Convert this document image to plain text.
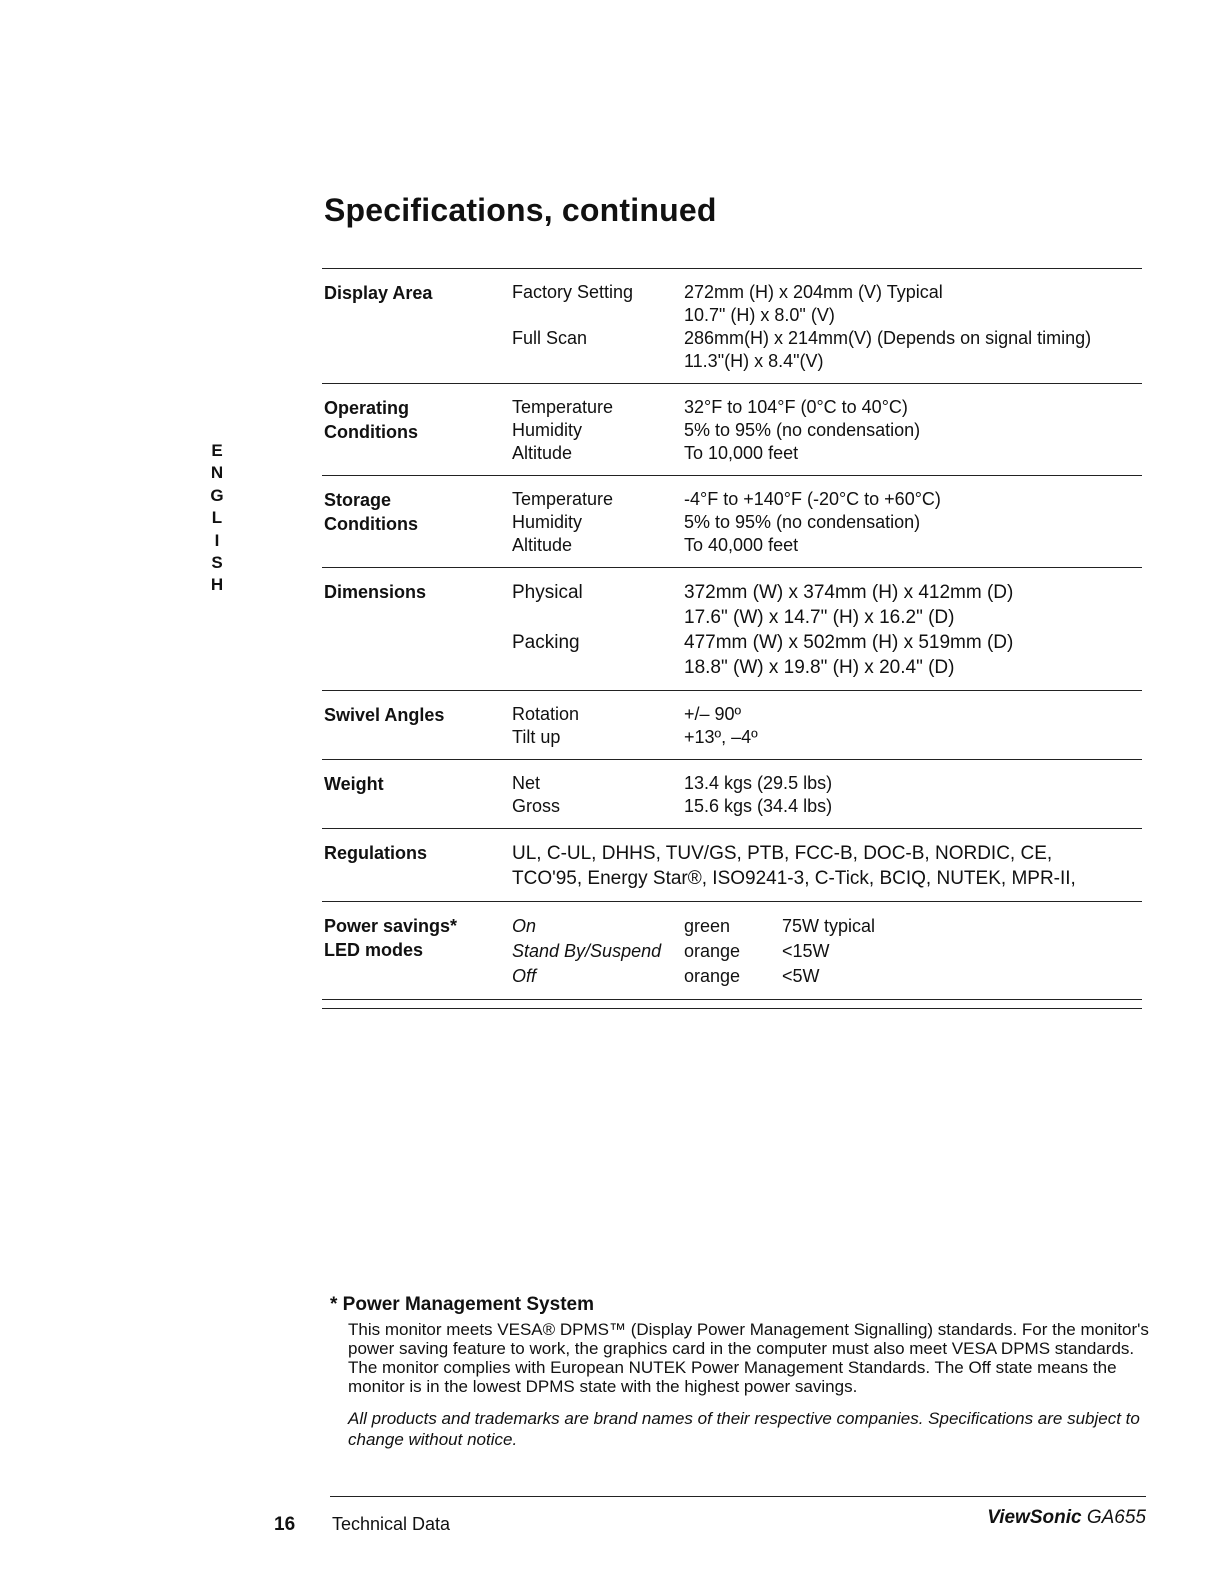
Specifications, continued
E
N
G
L
I
S
H
Display Area	Factory Setting	272mm (H) x 204mm (V) Typical
10.7" (H) x 8.0" (V)
Full Scan	286mm(H) x 214mm(V) (Depends on signal timing)
11.3"(H) x 8.4"(V)
Operating
Conditions
Temperature	32°F to 104°F (0°C to 40°C)
Humidity	5% to 95% (no condensation)
Altitude	To 10,000 feet
Storage
Conditions
Temperature	-4°F to +140°F (-20°C to +60°C)
Humidity	5% to 95% (no condensation)
Altitude	To 40,000 feet
Dimensions	Physical	372mm (W) x 374mm (H) x 412mm (D)
17.6" (W) x 14.7" (H) x 16.2" (D)
Packing	477mm (W) x 502mm (H) x 519mm (D)
18.8" (W) x 19.8" (H) x 20.4" (D)
Swivel Angles	Rotation	+/– 90º
Tilt up	+13º, –4º
Weight	Net	13.4 kgs (29.5 lbs)
Gross	15.6 kgs (34.4 lbs)
Regulations	UL, C-UL, DHHS, TUV/GS, PTB, FCC-B, DOC-B, NORDIC, CE,
TCO'95, Energy Star®, ISO9241-3, C-Tick, BCIQ, NUTEK, MPR-II,
Power savings*
LED modes
On	green	75W typical
Stand By/Suspend	orange	<15W
Off	orange	<5W
* Power Management System

This monitor meets VESA® DPMS™ (Display Power Management Signalling) standards. For the monitor's power saving feature to work, the graphics card in the computer must also meet VESA DPMS standards. The monitor complies with European NUTEK Power Management Standards. The Off state means the monitor is in the lowest DPMS state with the highest power savings.

All products and trademarks are brand names of their respective companies. Specifications are subject to change without notice.

16 Technical Data	ViewSonic GA655
